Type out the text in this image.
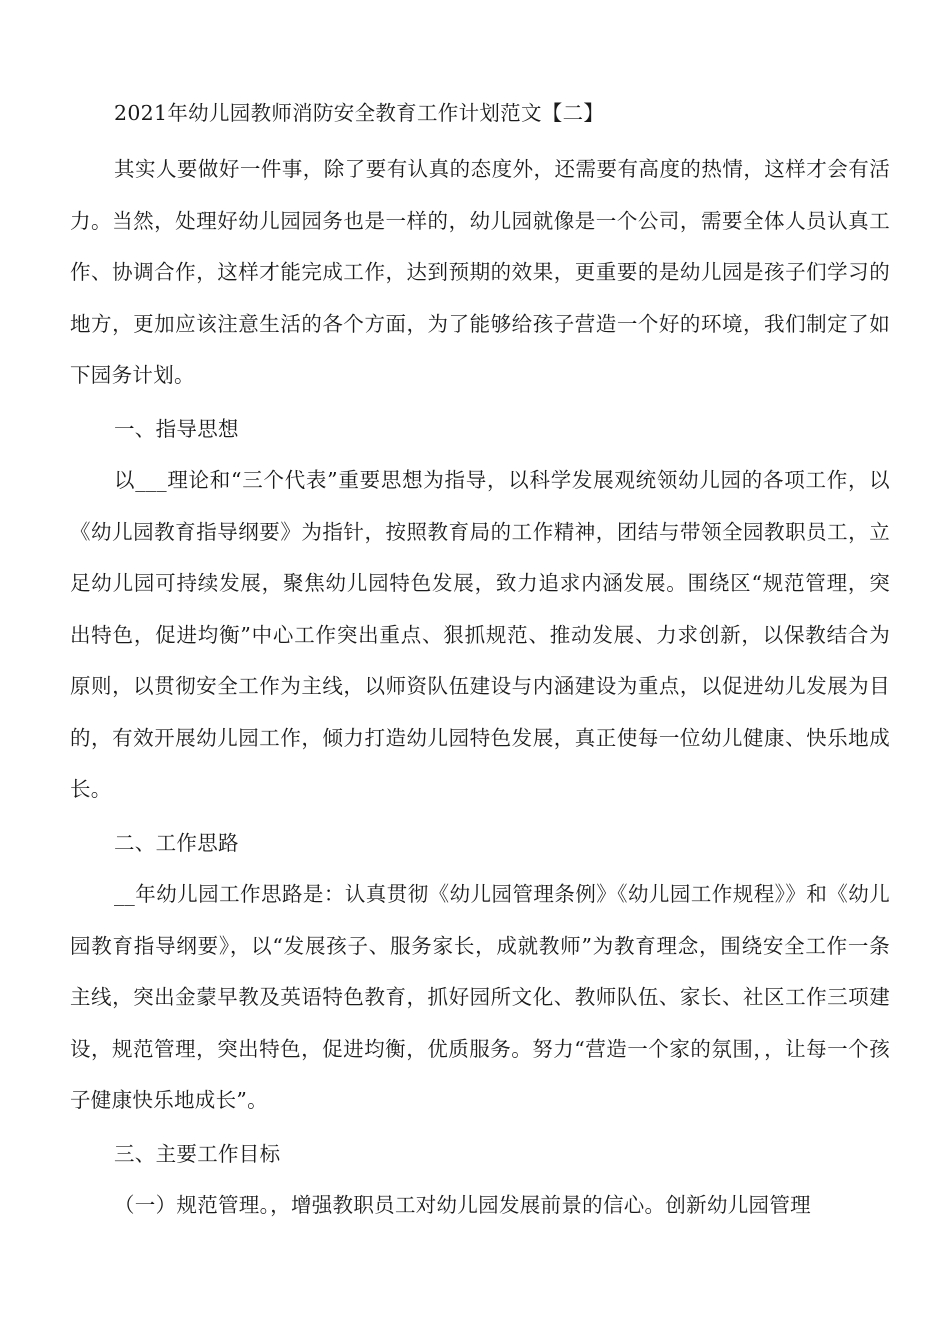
2021年幼儿园教师消防安全教育工作计划范文【二】

其实人要做好一件事，除了要有认真的态度外，还需要有高度的热情，这样才会有活力。当然，处理好幼儿园园务也是一样的，幼儿园就像是一个公司，需要全体人员认真工作、协调合作，这样才能完成工作，达到预期的效果，更重要的是幼儿园是孩子们学习的地方，更加应该注意生活的各个方面，为了能够给孩子营造一个好的环境，我们制定了如下园务计划。

一、指导思想

以___理论和“三个代表”重要思想为指导，以科学发展观统领幼儿园的各项工作，以《幼儿园教育指导纲要》为指针，按照教育局的工作精神，团结与带领全园教职员工，立足幼儿园可持续发展，聚焦幼儿园特色发展，致力追求内涵发展。围绕区“规范管理，突出特色，促进均衡”中心工作突出重点、狠抓规范、推动发展、力求创新，以保教结合为原则，以贯彻安全工作为主线，以师资队伍建设与内涵建设为重点，以促进幼儿发展为目的，有效开展幼儿园工作，倾力打造幼儿园特色发展，真正使每一位幼儿健康、快乐地成长。

二、工作思路

__年幼儿园工作思路是：认真贯彻《幼儿园管理条例》《幼儿园工作规程》》和《幼儿园教育指导纲要》，以“发展孩子、服务家长，成就教师”为教育理念，围绕安全工作一条主线，突出金蒙早教及英语特色教育，抓好园所文化、教师队伍、家长、社区工作三项建设，规范管理，突出特色，促进均衡，优质服务。努力“营造一个家的氛围，，让每一个孩子健康快乐地成长”。

三、主要工作目标

（一）规范管理。，增强教职员工对幼儿园发展前景的信心。创新幼儿园管理
